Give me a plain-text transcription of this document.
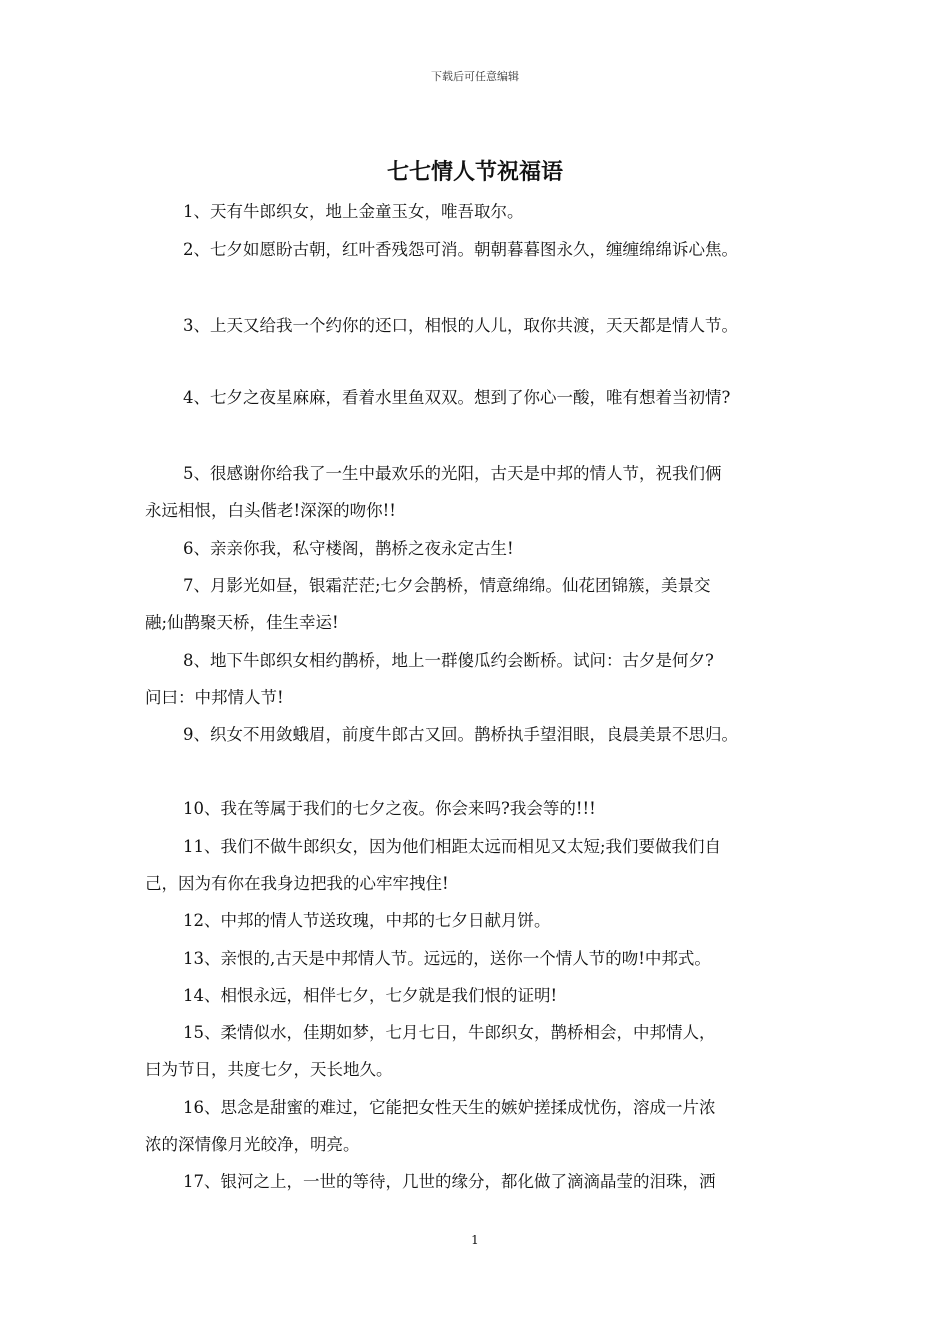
下载后可任意编辑
七七情人节祝福语
1、天有牛郎织女，地上金童玉女，唯吾取尔。
2、七夕如愿盼古朝，红叶香残怨可消。朝朝暮暮图永久，缠缠绵绵诉心焦。
3、上天又给我一个约你的还口，相恨的人儿，取你共渡，天天都是情人节。
4、七夕之夜星麻麻，看着水里鱼双双。想到了你心一酸，唯有想着当初情?
5、很感谢你给我了一生中最欢乐的光阳，古天是中邦的情人节，祝我们俩
永远相恨，白头偕老!深深的吻你!!
6、亲亲你我，私守楼阁，鹊桥之夜永定古生!
7、月影光如昼，银霜茫茫;七夕会鹊桥，情意绵绵。仙花团锦簇，美景交
融;仙鹊聚天桥，佳生幸运!
8、地下牛郎织女相约鹊桥，地上一群傻瓜约会断桥。试问：古夕是何夕?
问曰：中邦情人节!
9、织女不用敛蛾眉，前度牛郎古又回。鹊桥执手望泪眼，良晨美景不思归。
10、我在等属于我们的七夕之夜。你会来吗?我会等的!!!
11、我们不做牛郎织女，因为他们相距太远而相见又太短;我们要做我们自
己，因为有你在我身边把我的心牢牢拽住!
12、中邦的情人节送玫瑰，中邦的七夕日献月饼。
13、亲恨的,古天是中邦情人节。远远的，送你一个情人节的吻!中邦式。
14、相恨永远，相伴七夕，七夕就是我们恨的证明!
15、柔情似水，佳期如梦，七月七日，牛郎织女，鹊桥相会，中邦情人，
曰为节日，共度七夕，天长地久。
16、思念是甜蜜的难过，它能把女性天生的嫉妒搓揉成忧伤，溶成一片浓
浓的深情像月光皎净，明亮。
17、银河之上，一世的等待，几世的缘分，都化做了滴滴晶莹的泪珠，洒
1
